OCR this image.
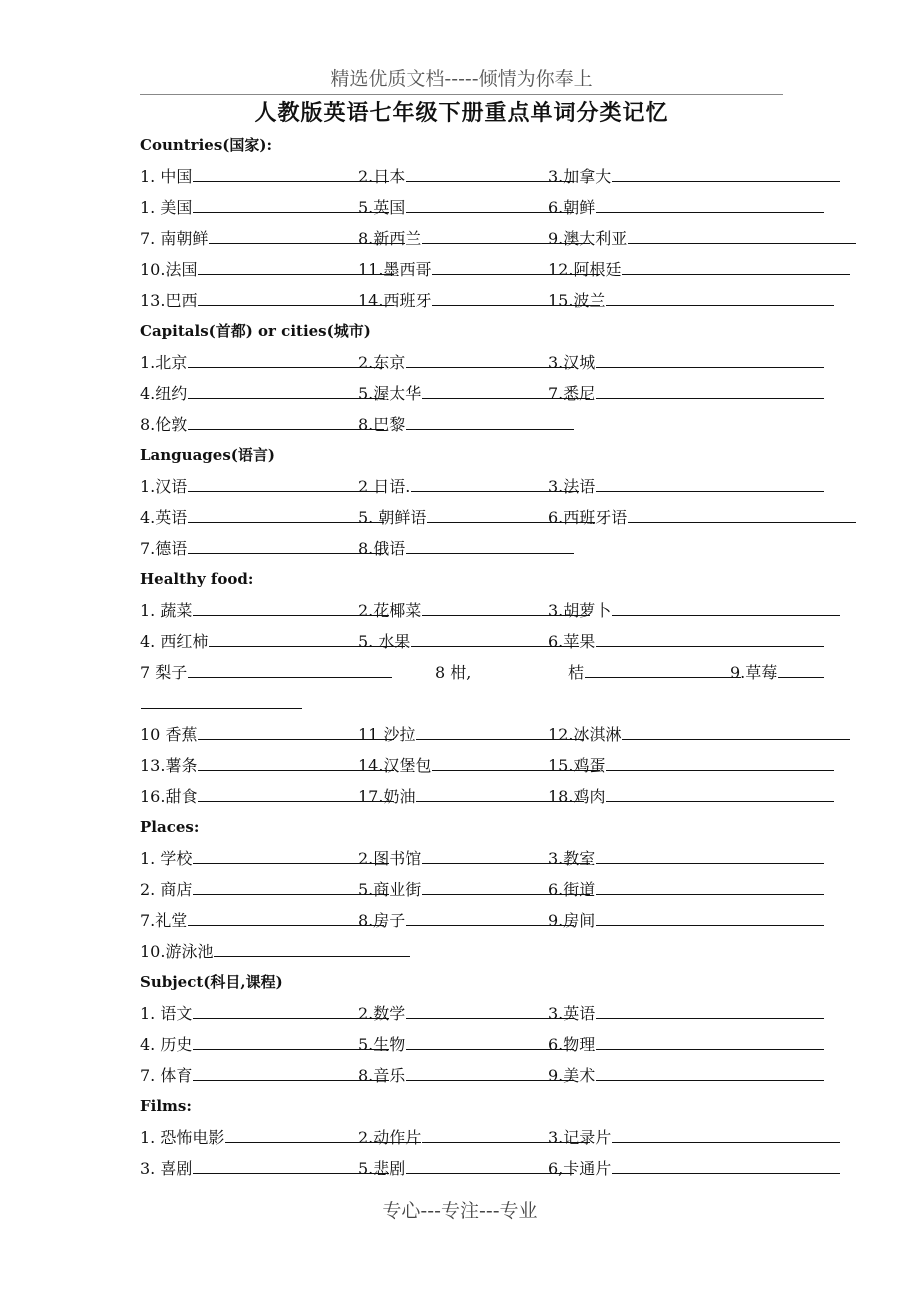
精选优质文档-----倾情为你奉上
人教版英语七年级下册重点单词分类记忆
Countries(国家):
1. 中国	2.日本	3.加拿大
1. 美国	5.英国	6.朝鲜
7. 南朝鲜	8.新西兰	9.澳大利亚
10.法国	11.墨西哥	12.阿根廷
13.巴西	14.西班牙	15.波兰
Capitals(首都) or cities(城市)
1.北京	2.东京	3.汉城
4.纽约	5.渥太华	7.悉尼
8.伦敦	8.巴黎
Languages(语言)
1.汉语	2 日语.	3.法语
4.英语	5. 朝鲜语	6.西班牙语
7.德语	8.俄语
Healthy food:
1. 蔬菜	2.花椰菜	3.胡萝卜
4. 西红柿	5. 水果	6.苹果
7 梨子	8 柑,	桔	9.草莓
10 香蕉	11 沙拉	12.冰淇淋
13.薯条	14.汉堡包	15.鸡蛋
16.甜食	17.奶油	18.鸡肉
Places:
1. 学校	2.图书馆	3.教室
2. 商店	5.商业街	6.街道
7.礼堂	8.房子	9.房间
10.游泳池
Subject(科目,课程)
1. 语文	2.数学	3.英语
4. 历史	5.生物	6.物理
7. 体育	8.音乐	9.美术
Films:
1. 恐怖电影	2.动作片	3.记录片
3. 喜剧	5.悲剧	6,卡通片
专心---专注---专业
